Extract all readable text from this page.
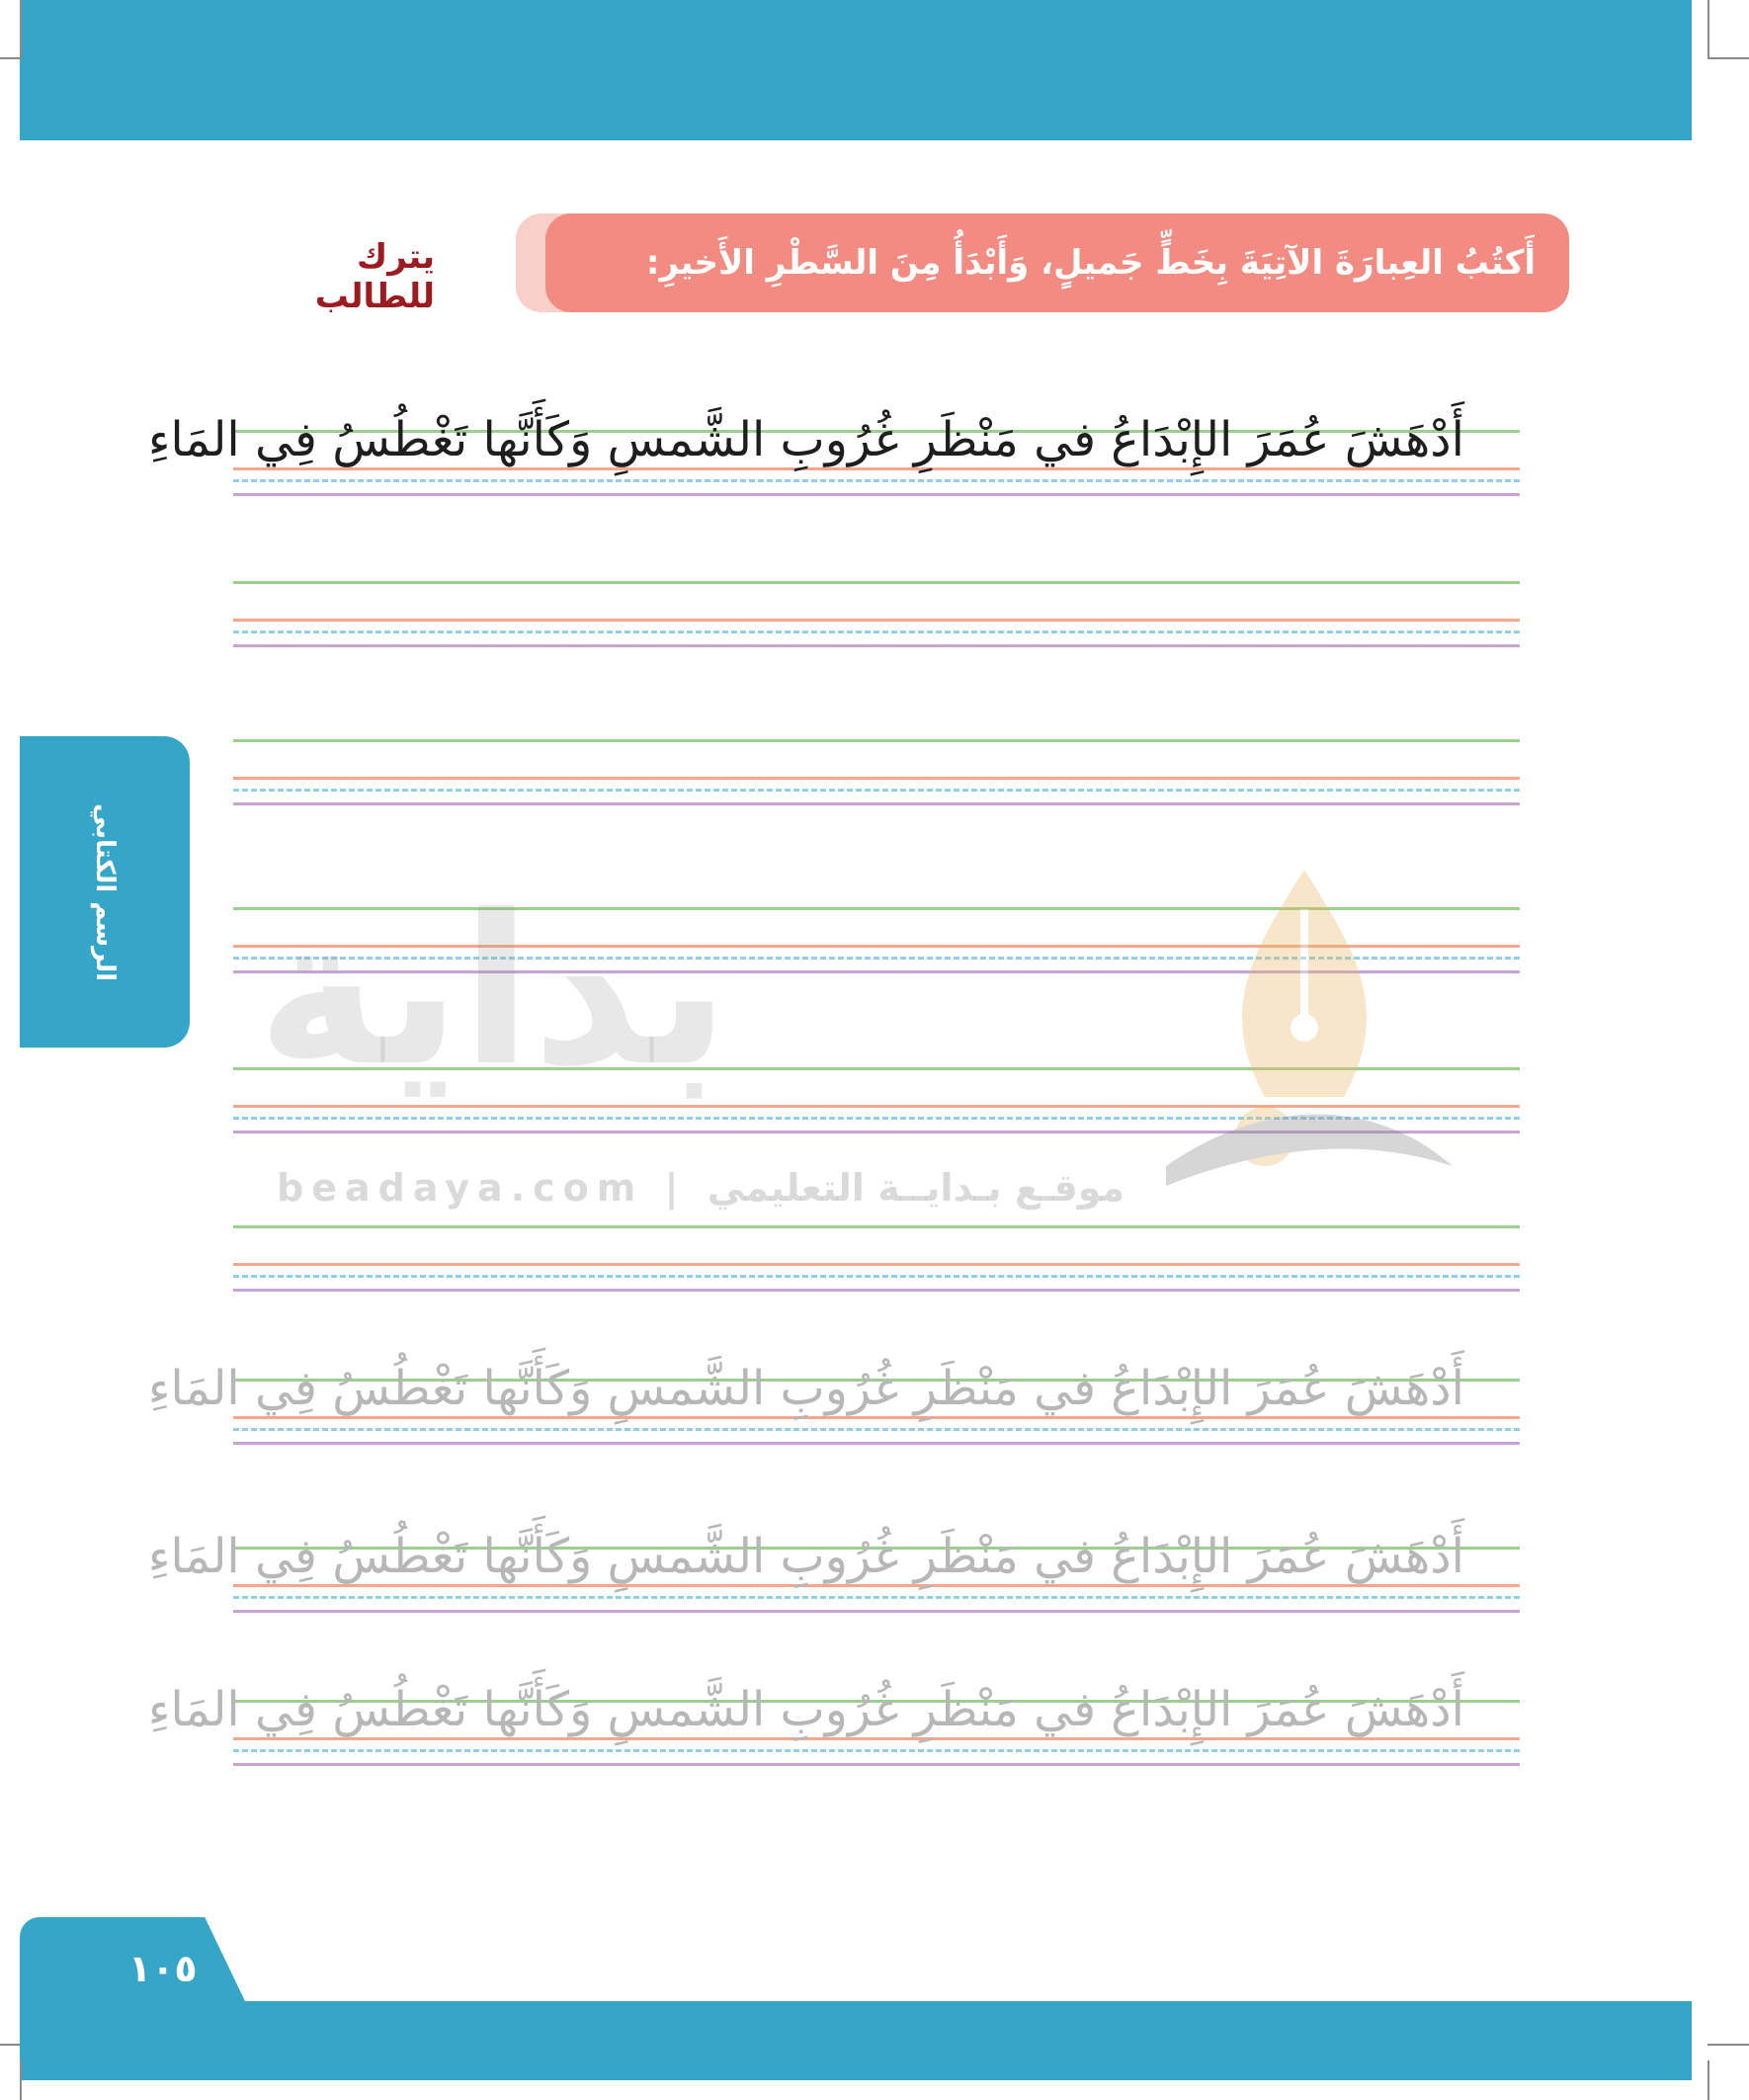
أَكتُبُ العِبارَةَ الآتِيَةَ بِخَطٍّ جَميلٍ، وَأَبْدَأُ مِنَ السَّطْرِ الأَخيرِ:
يترك للطالب
أَدْهَشَ عُمَرَ الإِبْدَاعُ في مَنْظَرِ غُرُوبِ الشَّمسِ وَكَأَنَّها تَغْطُسُ فِي المَاءِ
أَدْهَشَ عُمَرَ الإِبْدَاعُ في مَنْظَرِ غُرُوبِ الشَّمسِ وَكَأَنَّها تَغْطُسُ فِي المَاءِ
أَدْهَشَ عُمَرَ الإِبْدَاعُ في مَنْظَرِ غُرُوبِ الشَّمسِ وَكَأَنَّها تَغْطُسُ فِي المَاءِ
أَدْهَشَ عُمَرَ الإِبْدَاعُ في مَنْظَرِ غُرُوبِ الشَّمسِ وَكَأَنَّها تَغْطُسُ فِي المَاءِ
الرسم الكتابي بداية
beadaya.com | موقـع بـدايــة التعليمي
١٠٥
